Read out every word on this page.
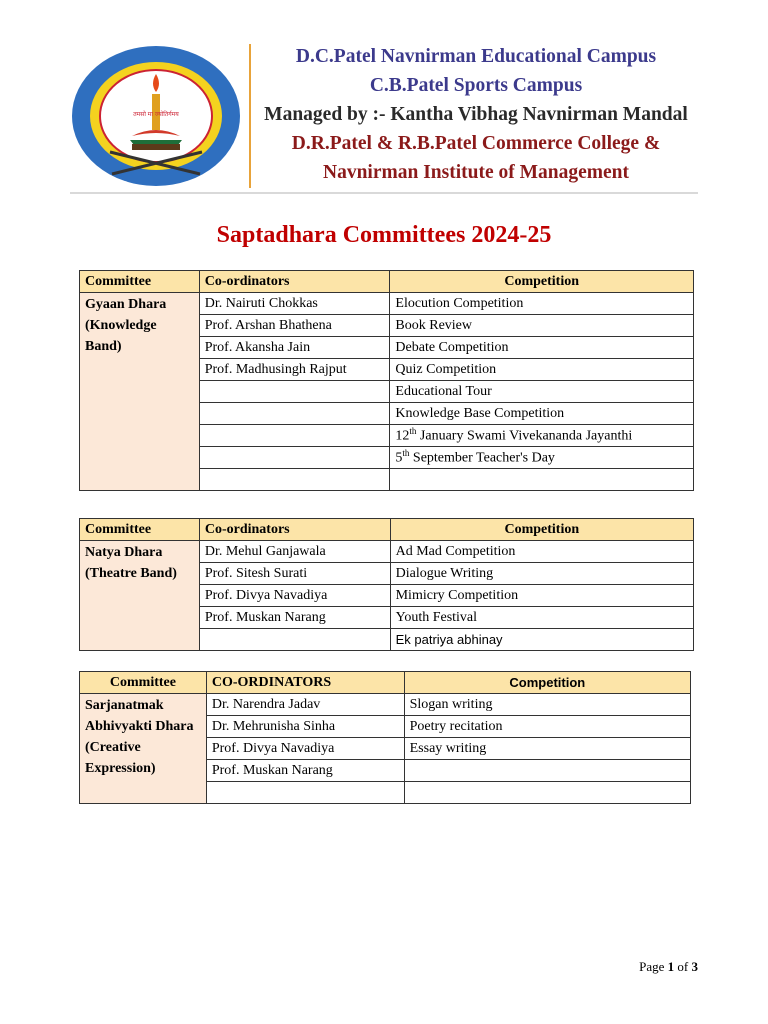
तमसो मा ज्योतिर्गमय
D.C.Patel Navnirman Educational Campus
C.B.Patel Sports Campus
Managed by :- Kantha Vibhag Navnirman Mandal
D.R.Patel & R.B.Patel Commerce College &
Navnirman Institute of Management
Saptadhara Committees 2024-25
Committee	Co-ordinators	Competition
Gyaan Dhara (Knowledge Band)	Dr. Nairuti Chokkas	Elocution Competition
	Prof. Arshan Bhathena	Book Review
	Prof. Akansha Jain	Debate Competition
	Prof. Madhusingh Rajput	Quiz Competition
		Educational Tour
		Knowledge Base Competition
		12th January Swami Vivekananda Jayanthi
		5th September Teacher's Day

Committee	Co-ordinators	Competition
Natya Dhara (Theatre Band)	Dr. Mehul Ganjawala	Ad Mad Competition
	Prof. Sitesh Surati	Dialogue Writing
	Prof. Divya Navadiya	Mimicry Competition
	Prof. Muskan Narang	Youth Festival
		Ek patriya abhinay
Committee	CO-ORDINATORS	Competition
Sarjanatmak Abhivyakti Dhara (Creative Expression)	Dr. Narendra Jadav	Slogan writing
	Dr. Mehrunisha Sinha	Poetry recitation
	Prof. Divya Navadiya	Essay writing
	Prof. Muskan Narang	

Page 1 of 3
